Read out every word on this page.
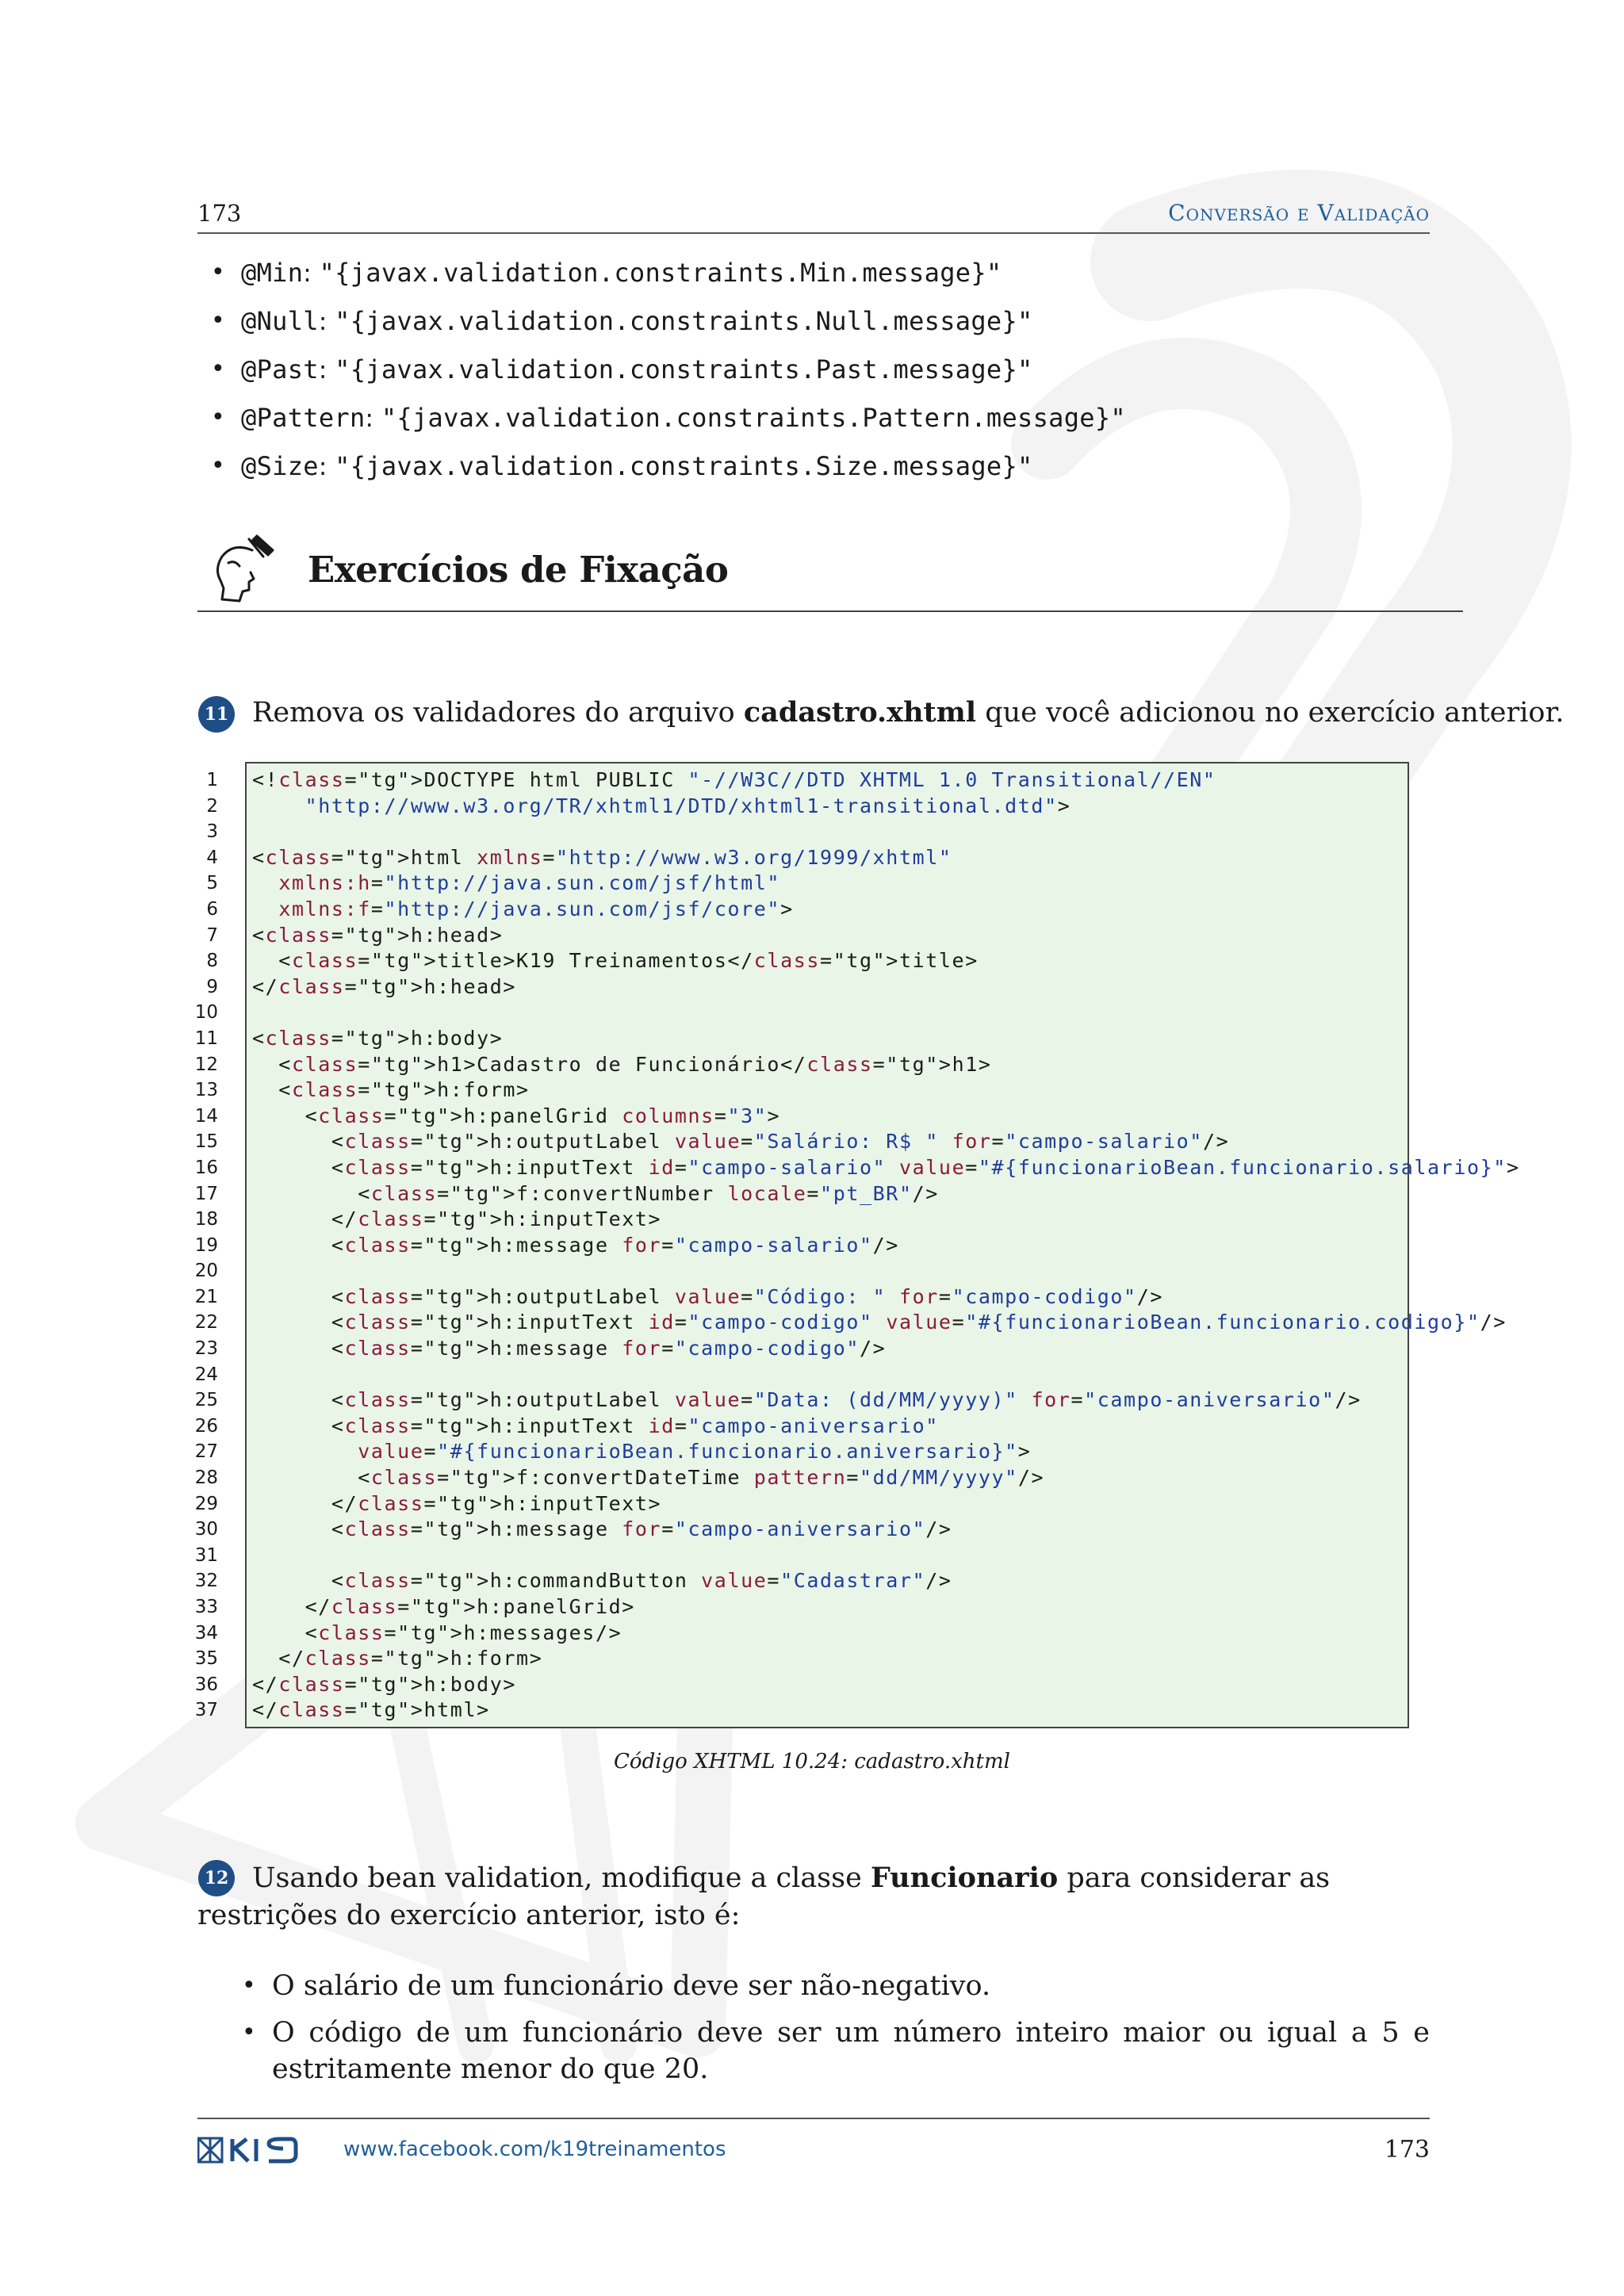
173	Conversão e Validação
• @Min: "{javax.validation.constraints.Min.message}"
• @Null: "{javax.validation.constraints.Null.message}"
• @Past: "{javax.validation.constraints.Past.message}"
• @Pattern: "{javax.validation.constraints.Pattern.message}"
• @Size: "{javax.validation.constraints.Size.message}"
Exercícios de Fixação
11 Remova os validadores do arquivo cadastro.xhtml que você adicionou no exercício anterior.
1
2
3
4
5
6
7
8
9
10
11
12
13
14
15
16
17
18
19
20
21
22
23
24
25
26
27
28
29
30
31
32
33
34
35
36
37
<!class="tg">DOCTYPE html PUBLIC "-//W3C//DTD XHTML 1.0 Transitional//EN"
"http://www.w3.org/TR/xhtml1/DTD/xhtml1-transitional.dtd">
<class="tg">html xmlns="http://www.w3.org/1999/xhtml"
xmlns:h="http://java.sun.com/jsf/html"
xmlns:f="http://java.sun.com/jsf/core">
<class="tg">h:head>
<class="tg">title>K19 Treinamentos</class="tg">title>
</class="tg">h:head>
<class="tg">h:body>
<class="tg">h1>Cadastro de Funcionário</class="tg">h1>
<class="tg">h:form>
<class="tg">h:panelGrid columns="3">
<class="tg">h:outputLabel value="Salário: R$ " for="campo-salario"/>
<class="tg">h:inputText id="campo-salario" value="#{funcionarioBean.funcionario.salario}">
<class="tg">f:convertNumber locale="pt_BR"/>
</class="tg">h:inputText>
<class="tg">h:message for="campo-salario"/>
<class="tg">h:outputLabel value="Código: " for="campo-codigo"/>
<class="tg">h:inputText id="campo-codigo" value="#{funcionarioBean.funcionario.codigo}"/>
<class="tg">h:message for="campo-codigo"/>
<class="tg">h:outputLabel value="Data: (dd/MM/yyyy)" for="campo-aniversario"/>
<class="tg">h:inputText id="campo-aniversario"
value="#{funcionarioBean.funcionario.aniversario}">
<class="tg">f:convertDateTime pattern="dd/MM/yyyy"/>
</class="tg">h:inputText>
<class="tg">h:message for="campo-aniversario"/>
<class="tg">h:commandButton value="Cadastrar"/>
</class="tg">h:panelGrid>
<class="tg">h:messages/>
</class="tg">h:form>
</class="tg">h:body>
</class="tg">html>
Código XHTML 10.24: cadastro.xhtml
12 Usando bean validation, modifique a classe Funcionario para considerar as restrições do exercício anterior, isto é:
• O salário de um funcionário deve ser não-negativo.
• O código de um funcionário deve ser um número inteiro maior ou igual a 5 e estritamente menor do que 20.
K19
www.facebook.com/k19treinamentos	173
